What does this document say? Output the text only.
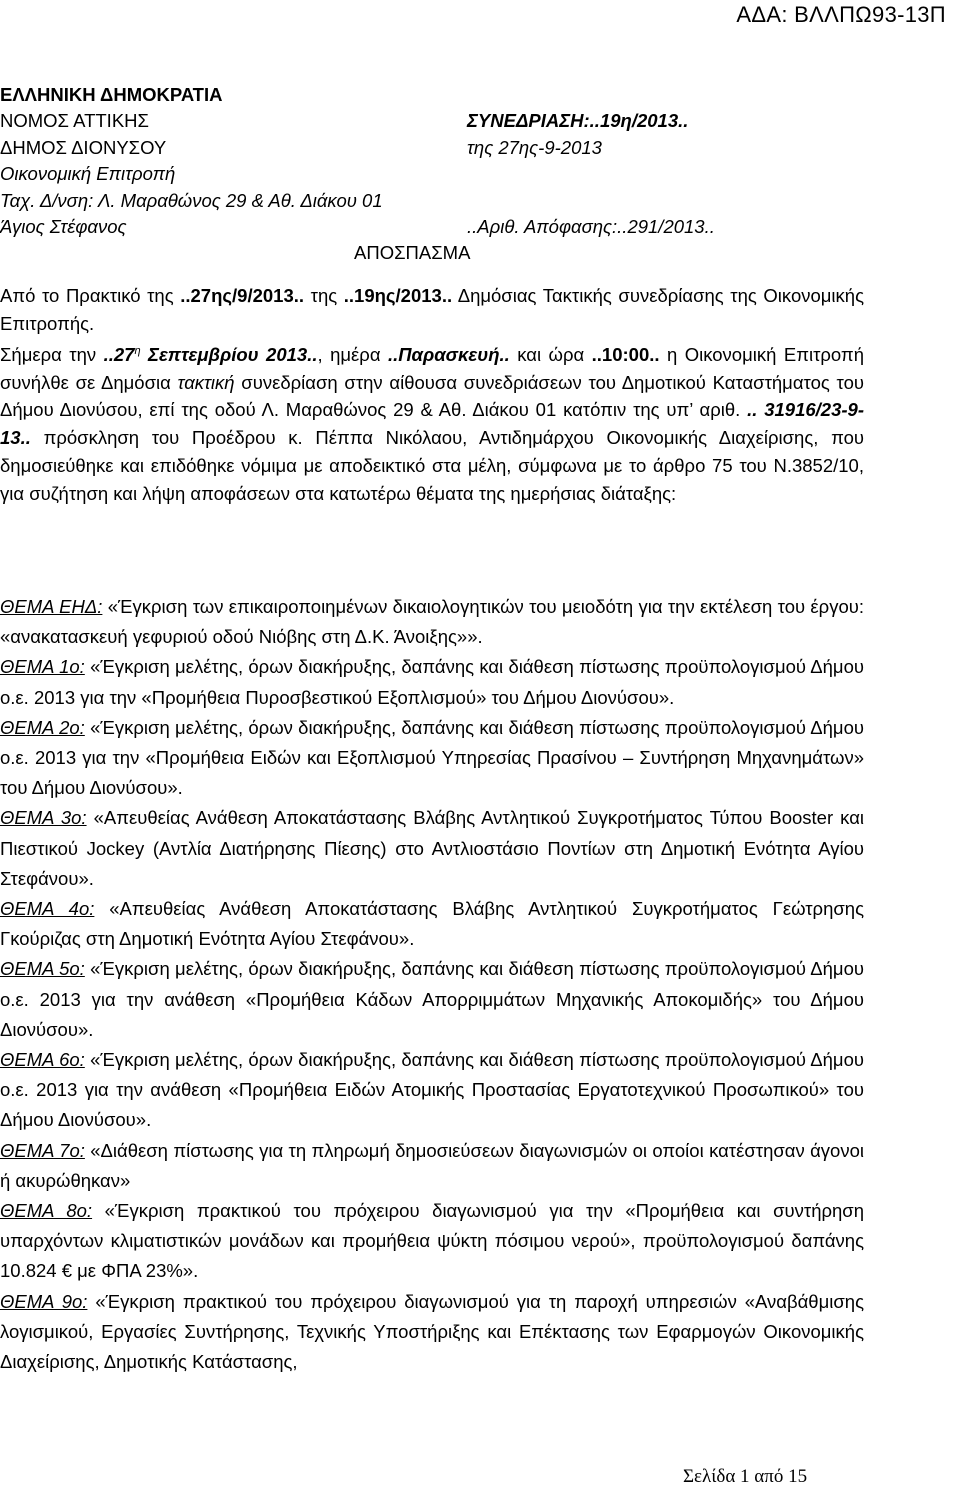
ΑΔΑ: ΒΛΛΠΩ93-13Π
ΕΛΛΗΝΙΚΗ ΔΗΜΟΚΡΑΤΙΑ
ΝΟΜΟΣ ΑΤΤΙΚΗΣ	ΣΥΝΕΔΡΙΑΣΗ:..19η/2013..
ΔΗΜΟΣ ΔΙΟΝΥΣΟΥ	της 27ης-9-2013
Οικονομική Επιτροπή
Ταχ. Δ/νση: Λ. Μαραθώνος 29 & Αθ. Διάκου 01
Άγιος Στέφανος	..Αριθ. Απόφασης:..291/2013..
ΑΠΟΣΠΑΣΜΑ

Από το Πρακτικό της ..27ης/9/2013.. της ..19ης/2013.. Δημόσιας Τακτικής συνεδρίασης της Οικονομικής Επιτροπής.

Σήμερα την $..27^\eta$ Σεπτεμβρίου 2013.., ημέρα ..Παρασκευή.. και ώρα ..10:00.. η Οικονομική Επιτροπή συνήλθε σε Δημόσια τακτική συνεδρίαση στην αίθουσα συνεδριάσεων του Δημοτικού Καταστήματος του Δήμου Διονύσου, επί της οδού Λ. Μαραθώνος 29 & Αθ. Διάκου 01 κατόπιν της υπ’ αριθ. .. 31916/23-9-13.. πρόσκληση του Προέδρου κ. Πέππα Νικόλαου, Αντιδημάρχου Οικονομικής Διαχείρισης, που δημοσιεύθηκε και επιδόθηκε νόμιμα με αποδεικτικό στα μέλη, σύμφωνα με το άρθρο 75 του Ν.3852/10, για συζήτηση και λήψη αποφάσεων στα κατωτέρω θέματα της ημερήσιας διάταξης:

ΘΕΜΑ ΕΗΔ: «Έγκριση των επικαιροποιημένων δικαιολογητικών του μειοδότη για την εκτέλεση του έργου: «ανακατασκευή γεφυριού οδού Νιόβης στη Δ.Κ. Άνοιξης»».

ΘΕΜΑ 1ο: «Έγκριση μελέτης, όρων διακήρυξης, δαπάνης και διάθεση πίστωσης προϋπολογισμού Δήμου ο.ε. 2013 για την «Προμήθεια Πυροσβεστικού Εξοπλισμού» του Δήμου Διονύσου».

ΘΕΜΑ 2ο: «Έγκριση μελέτης, όρων διακήρυξης, δαπάνης και διάθεση πίστωσης προϋπολογισμού Δήμου ο.ε. 2013 για την «Προμήθεια Ειδών και Εξοπλισμού Υπηρεσίας Πρασίνου – Συντήρηση Μηχανημάτων» του Δήμου Διονύσου».

ΘΕΜΑ 3ο: «Απευθείας Ανάθεση Αποκατάστασης Βλάβης Αντλητικού Συγκροτήματος Τύπου Booster και Πιεστικού Jockey (Αντλία Διατήρησης Πίεσης) στο Αντλιοστάσιο Ποντίων στη Δημοτική Ενότητα Αγίου Στεφάνου».

ΘΕΜΑ 4ο: «Απευθείας Ανάθεση Αποκατάστασης Βλάβης Αντλητικού Συγκροτήματος Γεώτρησης Γκούριζας στη Δημοτική Ενότητα Αγίου Στεφάνου».

ΘΕΜΑ 5ο: «Έγκριση μελέτης, όρων διακήρυξης, δαπάνης και διάθεση πίστωσης προϋπολογισμού Δήμου ο.ε. 2013 για την ανάθεση «Προμήθεια Κάδων Απορριμμάτων Μηχανικής Αποκομιδής» του Δήμου Διονύσου».

ΘΕΜΑ 6ο: «Έγκριση μελέτης, όρων διακήρυξης, δαπάνης και διάθεση πίστωσης προϋπολογισμού Δήμου ο.ε. 2013 για την ανάθεση «Προμήθεια Ειδών Ατομικής Προστασίας Εργατοτεχνικού Προσωπικού» του Δήμου Διονύσου».

ΘΕΜΑ 7ο: «Διάθεση πίστωσης για τη πληρωμή δημοσιεύσεων διαγωνισμών οι οποίοι κατέστησαν άγονοι ή ακυρώθηκαν»

ΘΕΜΑ 8ο: «Έγκριση πρακτικού του πρόχειρου διαγωνισμού για την «Προμήθεια και συντήρηση υπαρχόντων κλιματιστικών μονάδων και προμήθεια ψύκτη πόσιμου νερού», προϋπολογισμού δαπάνης 10.824 € με ΦΠΑ 23%».

ΘΕΜΑ 9ο: «Έγκριση πρακτικού του πρόχειρου διαγωνισμού για τη παροχή υπηρεσιών «Αναβάθμισης λογισμικού, Εργασίες Συντήρησης, Τεχνικής Υποστήριξης και Επέκτασης των Εφαρμογών Οικονομικής Διαχείρισης, Δημοτικής Κατάστασης,

Σελίδα 1 από 15
